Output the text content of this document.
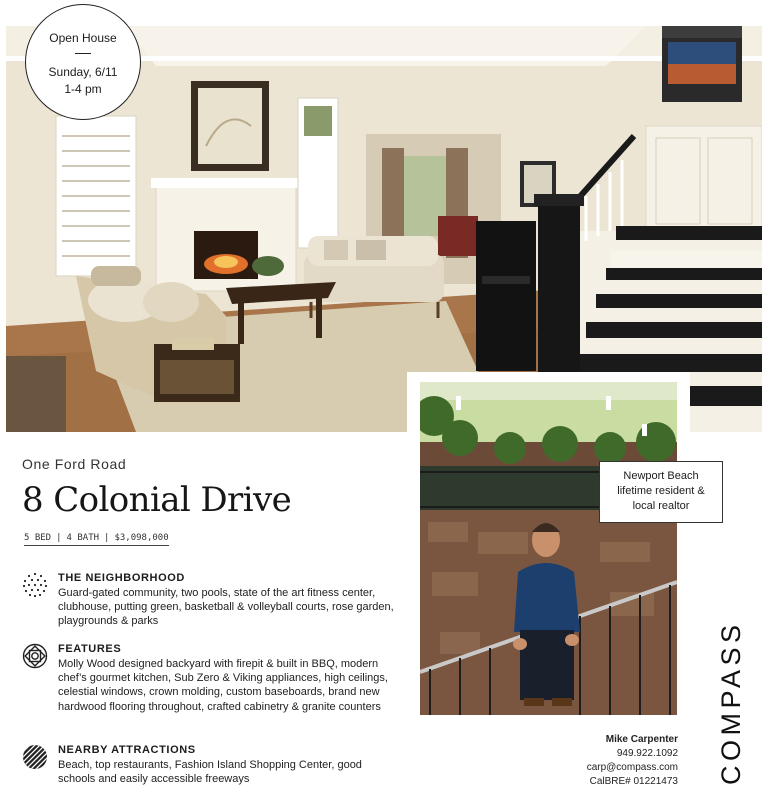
Open House
Sunday, 6/11
1-4 pm
Newport Beach
lifetime resident &
local realtor
One Ford Road
8 Colonial Drive
5 BED | 4 BATH | $3,098,000
THE NEIGHBORHOOD
Guard-gated community, two pools, state of the art fitness center, clubhouse, putting green, basketball & volleyball courts, rose garden, playgrounds & parks
FEATURES
Molly Wood designed backyard with firepit & built in BBQ, modern chef’s gourmet kitchen, Sub Zero & Viking appliances, high ceilings, celestial windows, crown molding, custom baseboards, brand new hardwood flooring throughout, crafted cabinetry & granite counters
NEARBY ATTRACTIONS
Beach, top restaurants, Fashion Island Shopping Center, good schools and easily accessible freeways
Mike Carpenter
949.922.1092
carp@compass.com
CalBRE# 01221473 COMPASS
